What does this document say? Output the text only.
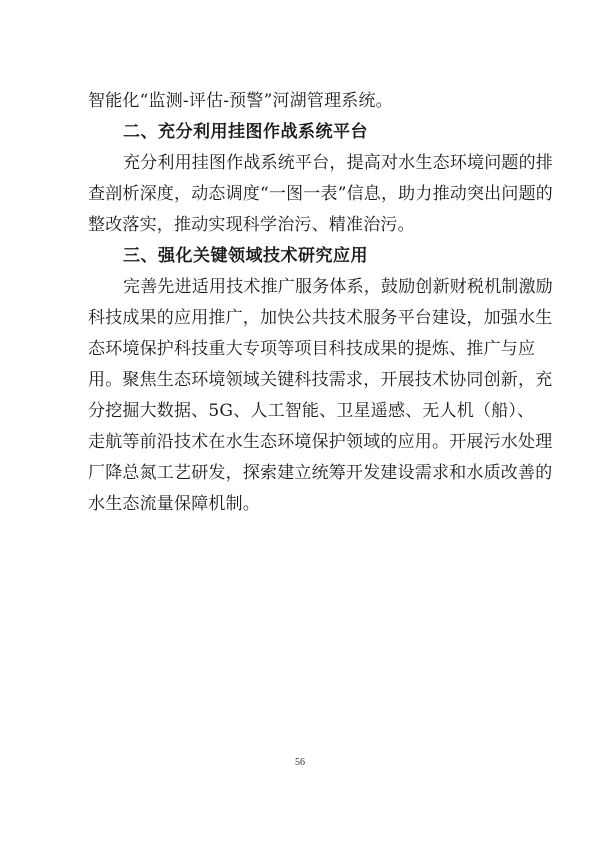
智能化“监测-评估-预警”河湖管理系统。
二、充分利用挂图作战系统平台
充分利用挂图作战系统平台，提高对水生态环境问题的排
查剖析深度，动态调度“一图一表”信息，助力推动突出问题的
整改落实，推动实现科学治污、精准治污。
三、强化关键领域技术研究应用
完善先进适用技术推广服务体系，鼓励创新财税机制激励
科技成果的应用推广，加快公共技术服务平台建设，加强水生
态环境保护科技重大专项等项目科技成果的提炼、推广与应
用。聚焦生态环境领域关键科技需求，开展技术协同创新，充
分挖掘大数据、5G、人工智能、卫星遥感、无人机（船）、
走航等前沿技术在水生态环境保护领域的应用。开展污水处理
厂降总氮工艺研发，探索建立统筹开发建设需求和水质改善的
水生态流量保障机制。
56
